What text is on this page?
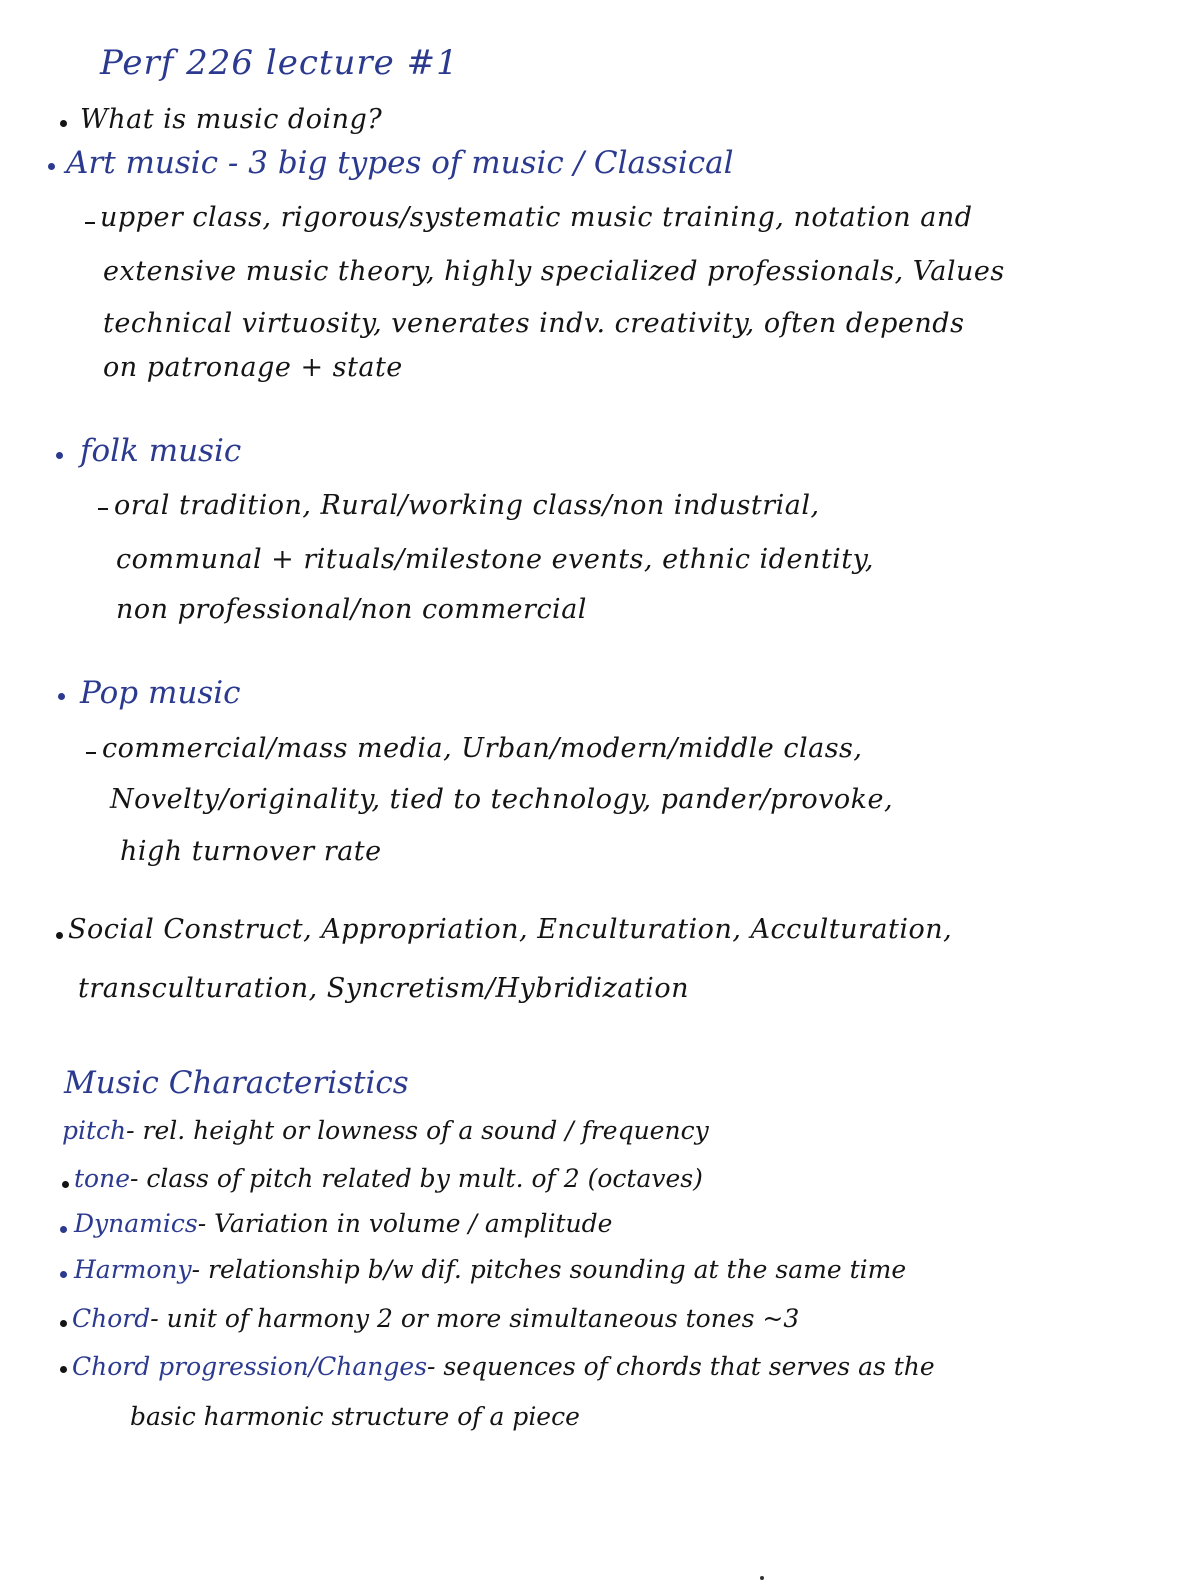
Perf 226 lecture #1
What is music doing?
Art music - 3 big types of music / Classical
upper class, rigorous/systematic music training, notation and
extensive music theory, highly specialized professionals, Values
technical virtuosity, venerates indv. creativity, often depends
on patronage + state
folk music
oral tradition, Rural/working class/non industrial,
communal + rituals/milestone events, ethnic identity,
non professional/non commercial
Pop music
commercial/mass media, Urban/modern/middle class,
Novelty/originality, tied to technology, pander/provoke,
high turnover rate
Social Construct, Appropriation, Enculturation, Acculturation,
transculturation, Syncretism/Hybridization
Music Characteristics
pitch- rel. height or lowness of a sound / frequency
tone- class of pitch related by mult. of 2 (octaves)
Dynamics- Variation in volume / amplitude
Harmony- relationship b/w dif. pitches sounding at the same time
Chord- unit of harmony 2 or more simultaneous tones ~3
Chord progression/Changes- sequences of chords that serves as the
basic harmonic structure of a piece
